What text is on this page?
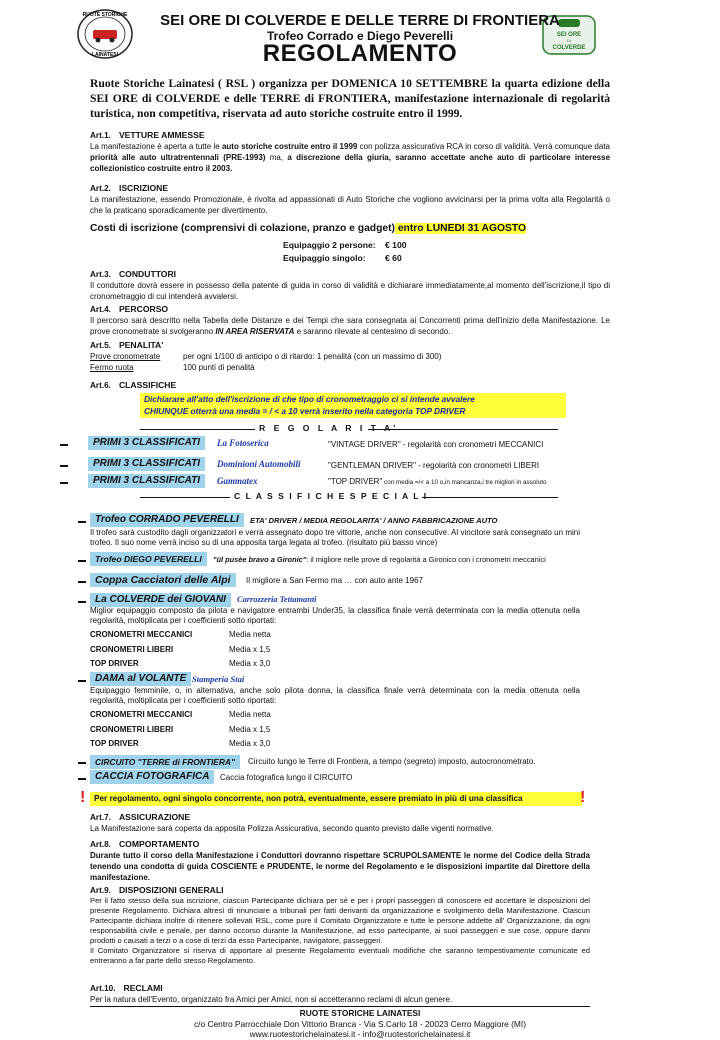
RUOTE STORICHE
LAINATESI
SEI ORE
DI
COLVERDE
SEI ORE DI COLVERDE E DELLE TERRE DI FRONTIERA
Trofeo Corrado e Diego Peverelli
REGOLAMENTO
Ruote Storiche Lainatesi ( RSL ) organizza per DOMENICA 10 SETTEMBRE la quarta edizione della SEI ORE di COLVERDE e delle TERRE di FRONTIERA, manifestazione internazionale di regolarità turistica, non competitiva, riservata ad auto storiche costruite entro il 1999.
Art.1. VETTURE AMMESSE
La manifestazione è aperta a tutte le auto storiche costruite entro il 1999 con polizza assicurativa RCA in corso di validità. Verrà comunque data priorità alle auto ultratrentennali (PRE-1993) ma, a discrezione della giuria, saranno accettate anche auto di particolare interesse collezionistico costruite entro il 2003.
Art.2. ISCRIZIONE
La manifestazione, essendo Promozionale, è rivolta ad appassionati di Auto Storiche che vogliono avvicinarsi per la prima volta alla Regolarità o che la praticano sporadicamente per divertimento.
Costi di iscrizione (comprensivi di colazione, pranzo e gadget) entro LUNEDI 31 AGOSTO
Equipaggio 2 persone: € 100
Equipaggio singolo: € 60
Art.3. CONDUTTORI
Il conduttore dovrà essere in possesso della patente di guida in corso di validità e dichiarare immediatamente,al momento dell'iscrizione,il tipo di cronometraggio di cui intenderà avvalersi.
Art.4. PERCORSO
Il percorso sarà descritto nella Tabella delle Distanze e dei Tempi che sara consegnata ai Concorrenti prima dell'inizio della Manifestazione. Le prove cronometrate si svolgeranno IN AREA RISERVATA e saranno rilevate al centesimo di secondo.
Art.5. PENALITA'
Prove cronometrate	per ogni 1/100 di anticipo o di ritardo: 1 penalità (con un massimo di 300)
Fermo ruota	100 punti di penalità
Art.6. CLASSIFICHE
Dichiarare all'atto dell'iscrizione di che tipo di cronometraggio ci si intende avvalere
CHIUNQUE otterrà una media = / < a 10 verrà inserito nella categoria TOP DRIVER
R E G O L A R I T A'
PRIMI 3 CLASSIFICATI	La Fotoserica	"VINTAGE DRIVER" - regolarità con cronometri MECCANICI
PRIMI 3 CLASSIFICATI	Dominioni Automobili	"GENTLEMAN DRIVER" - regolarità con cronometri LIBERI
PRIMI 3 CLASSIFICATI	Gammatex	"TOP DRIVER" con media =/< a 10 o,in mancanza,i tre migliori in assoluto
C L A S S I F I C H E S P E C I A L I
Trofeo CORRADO PEVERELLI	ETA' DRIVER / MEDIA REGOLARITA' / ANNO FABBRICAZIONE AUTO
Il trofeo sarà custodito dagli organizzatori e verrà assegnato dopo tre vittorie, anche non consecutive. Al vincitore sarà consegnato un mini trofeo. Il suo nome verrà inciso su di una apposita targa legata al trofeo. (risultato più basso vince)
Trofeo DIEGO PEVERELLI	"ül pusèe bravo a Gironic": il migliore nelle prove di regolarità a Gironico con i cronometri meccanici
Coppa Cacciatori delle Alpi	Il migliore a San Fermo ma … con auto ante 1967
La COLVERDE dei GIOVANI	Carrozzeria Tettamanti
Miglior equipaggio composto da pilota e navigatore entrambi Under35, la classifica finale verrà determinata con la media ottenuta nella regolarità, moltiplicata per i coefficienti sotto riportati:
CRONOMETRI MECCANICI	Media netta
CRONOMETRI LIBERI	Media x 1,5
TOP DRIVER	Media x 3,0
DAMA al VOLANTE Stamperia Stai
Equipaggio femminile, o, in alternativa, anche solo pilota donna, la classifica finale verrà determinata con la media ottenuta nella regolarità, moltiplicata per i coefficienti sotto riportati:
CRONOMETRI MECCANICI	Media netta
CRONOMETRI LIBERI	Media x 1,5
TOP DRIVER	Media x 3,0
CIRCUITO "TERRE di FRONTIERA"	Circuito lungo le Terre di Frontiera, a tempo (segreto) imposto, autocronometrato.
CACCIA FOTOGRAFICA	Caccia fotografica lungo il CIRCUITO
!	Per regolamento, ogni singolo concorrente, non potrà, eventualmente, essere premiato in più di una classifica	!
Art.7. ASSICURAZIONE
La Manifestazione sarà coperta da apposita Polizza Assicurativa, secondo quanto previsto dalle vigenti normative.
Art.8. COMPORTAMENTO
Durante tutto il corso della Manifestazione i Conduttori dovranno rispettare SCRUPOLSAMENTE le norme del Codice della Strada tenendo una condotta di guida COSCIENTE e PRUDENTE, le norme del Regolamento e le disposizioni impartite dal Direttore della manifestazione.
Art.9. DISPOSIZIONI GENERALI
Per il fatto stesso della sua iscrizione, ciascun Partecipante dichiara per sè e per i propri passeggeri di conoscere ed accettare le disposizioni del presente Regolamento. Dichiara altresì di rinunciare a tribunali per fatti derivanti da organizzazione e svolgimento della Manifestazione. Ciascun Partecipante dichiara inoltre di ritenere sollevati RSL, come pure il Comitato Organizzatore e tutte le persone addette all' Organizzazione, da ogni responsabilità civile e penale, per danno occorso durante la Manifestazione, ad esso partecipante, ai suoi passeggeri e sue cose, oppure danni prodotti o causati a terzi o a cose di terzi da esso Partecipante, navigatore, passeggeri.
Il Comitato Organizzatore si riserva di apportare al presente Regolamento eventuali modifiche che saranno tempestivamente comunicate ed entreranno a far parte dello stesso Regolamento.
Art.10. RECLAMI
Per la natura dell'Evento, organizzato fra Amici per Amici, non si accetteranno reclami di alcun genere.
RUOTE STORICHE LAINATESI
c/o Centro Parrocchiale Don Vittorio Branca - Via S.Carlo 18 - 20023 Cerro Maggiore (MI)
www.ruotestorichelainatesi.it - info@ruotestorichelainatesi.it
